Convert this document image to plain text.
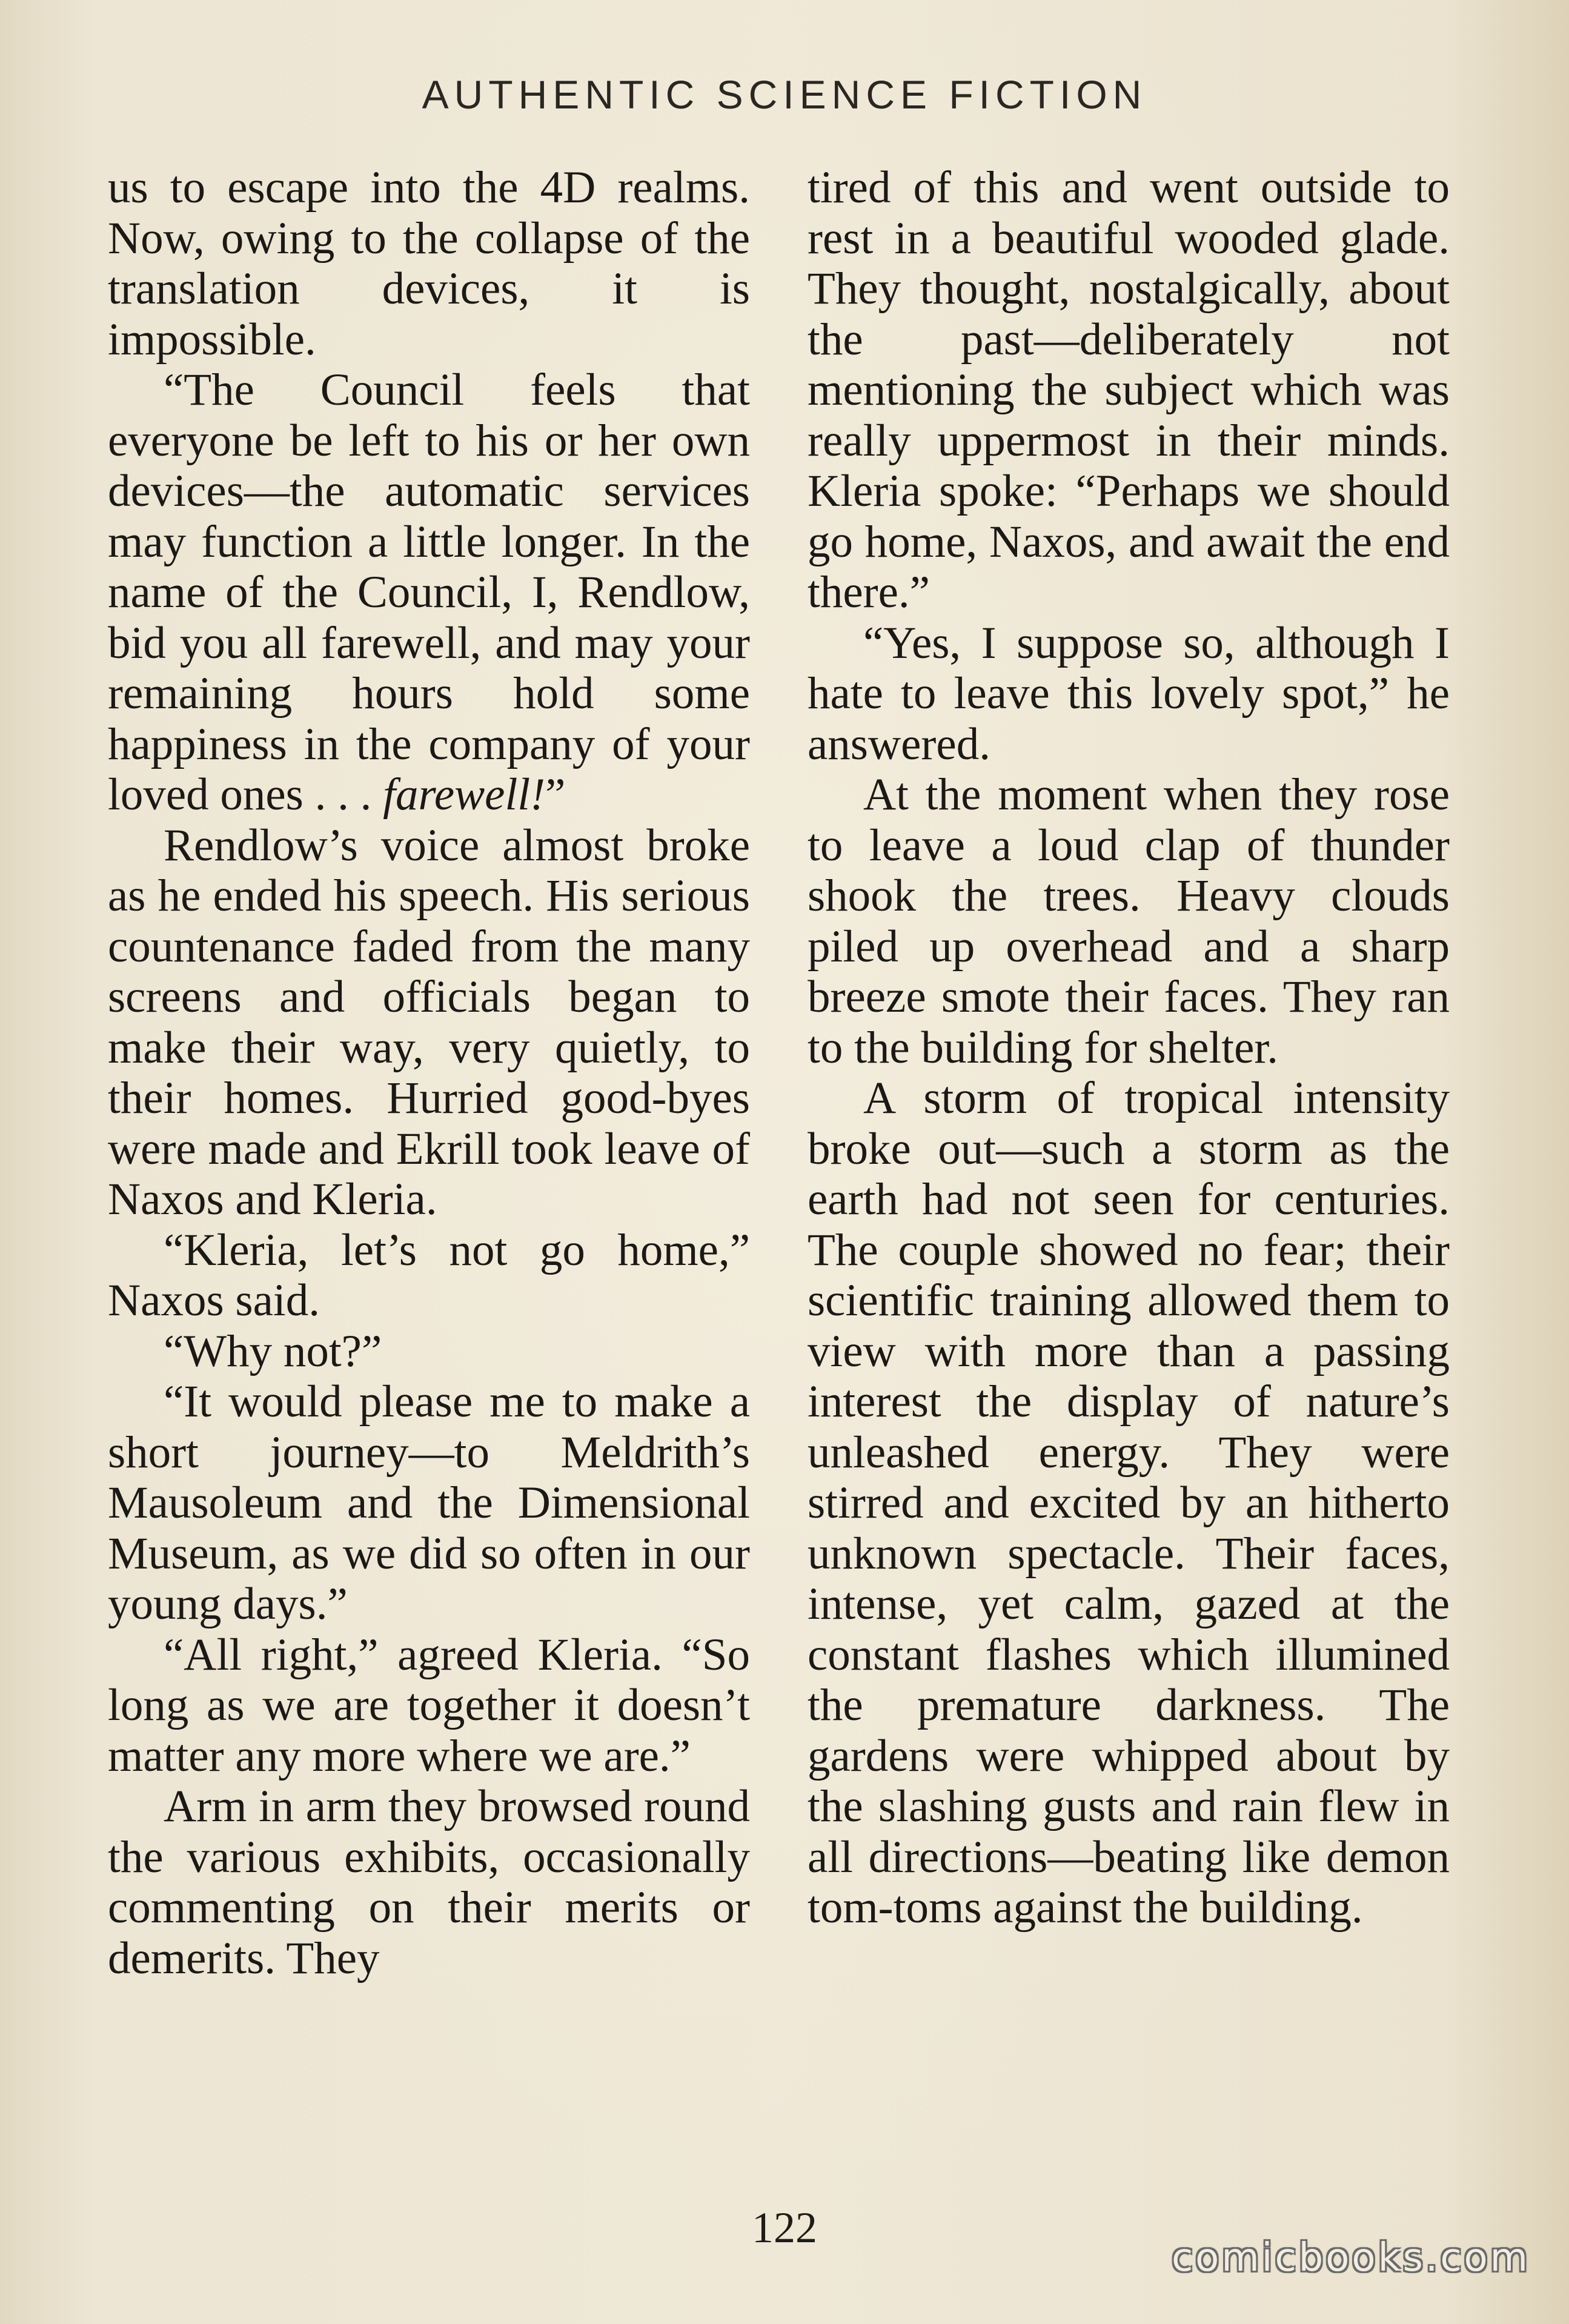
AUTHENTIC SCIENCE FICTION

us to escape into the 4D realms. Now, owing to the collapse of the translation devices, it is impossible.

“The Council feels that everyone be left to his or her own devices—the automatic services may function a little longer. In the name of the Council, I, Rendlow, bid you all farewell, and may your remaining hours hold some happiness in the company of your loved ones . . . farewell!”

Rendlow’s voice almost broke as he ended his speech. His serious countenance faded from the many screens and officials began to make their way, very quietly, to their homes. Hurried good-byes were made and Ekrill took leave of Naxos and Kleria.

“Kleria, let’s not go home,” Naxos said.

“Why not?”

“It would please me to make a short journey—to Meldrith’s Mausoleum and the Dimensional Museum, as we did so often in our young days.”

“All right,” agreed Kleria. “So long as we are together it doesn’t matter any more where we are.”

Arm in arm they browsed round the various exhibits, occasionally commenting on their merits or demerits. They

tired of this and went outside to rest in a beautiful wooded glade. They thought, nostalgically, about the past—deliberately not mentioning the subject which was really uppermost in their minds. Kleria spoke: “Perhaps we should go home, Naxos, and await the end there.”

“Yes, I suppose so, although I hate to leave this lovely spot,” he answered.

At the moment when they rose to leave a loud clap of thunder shook the trees. Heavy clouds piled up overhead and a sharp breeze smote their faces. They ran to the building for shelter.

A storm of tropical intensity broke out—such a storm as the earth had not seen for centuries. The couple showed no fear; their scientific training allowed them to view with more than a passing interest the display of nature’s unleashed energy. They were stirred and excited by an hitherto unknown spectacle. Their faces, intense, yet calm, gazed at the constant flashes which illumined the premature darkness. The gardens were whipped about by the slashing gusts and rain flew in all directions—beating like demon tom-toms against the building.

122
comicbooks.com
